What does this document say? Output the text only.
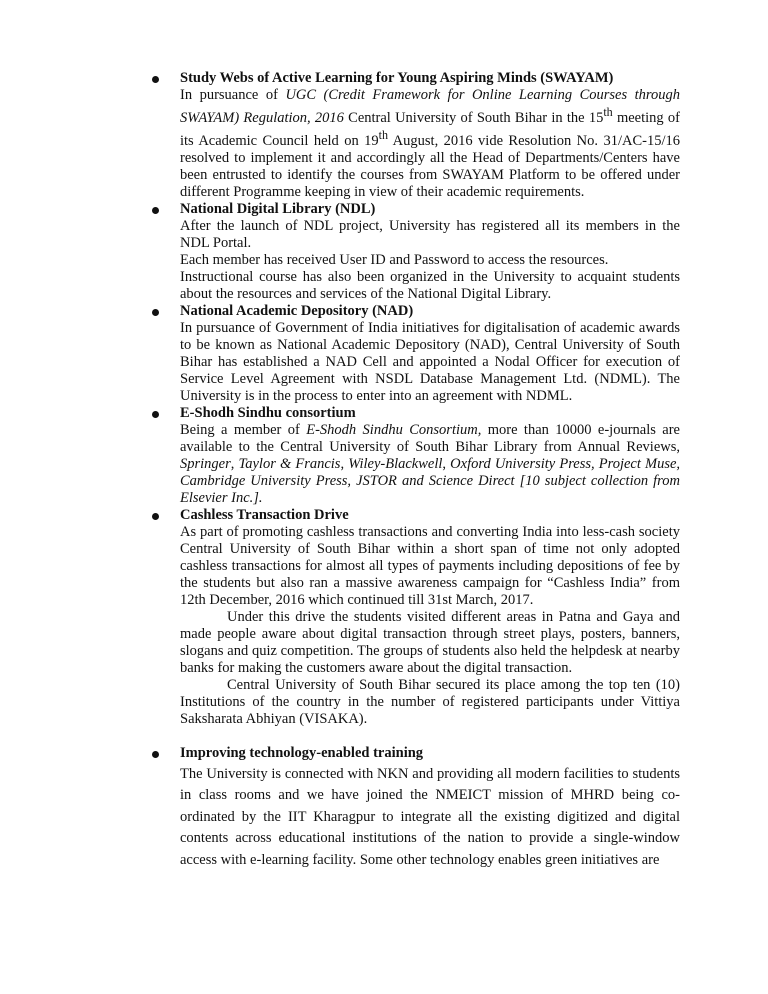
Study Webs of Active Learning for Young Aspiring Minds (SWAYAM)

In pursuance of UGC (Credit Framework for Online Learning Courses through SWAYAM) Regulation, 2016 Central University of South Bihar in the 15th meeting of its Academic Council held on 19th August, 2016 vide Resolution No. 31/AC-15/16 resolved to implement it and accordingly all the Head of Departments/Centers have been entrusted to identify the courses from SWAYAM Platform to be offered under different Programme keeping in view of their academic requirements.

National Digital Library (NDL)

After the launch of NDL project, University has registered all its members in the NDL Portal.

Each member has received User ID and Password to access the resources.

Instructional course has also been organized in the University to acquaint students about the resources and services of the National Digital Library.

National Academic Depository (NAD)

In pursuance of Government of India initiatives for digitalisation of academic awards to be known as National Academic Depository (NAD), Central University of South Bihar has established a NAD Cell and appointed a Nodal Officer for execution of Service Level Agreement with NSDL Database Management Ltd. (NDML). The University is in the process to enter into an agreement with NDML.

E-Shodh Sindhu consortium

Being a member of E-Shodh Sindhu Consortium, more than 10000 e-journals are available to the Central University of South Bihar Library from Annual Reviews, Springer, Taylor & Francis, Wiley-Blackwell, Oxford University Press, Project Muse, Cambridge University Press, JSTOR and Science Direct [10 subject collection from Elsevier Inc.].

Cashless Transaction Drive

As part of promoting cashless transactions and converting India into less-cash society Central University of South Bihar within a short span of time not only adopted cashless transactions for almost all types of payments including depositions of fee by the students but also ran a massive awareness campaign for “Cashless India” from 12th December, 2016 which continued till 31st March, 2017.

Under this drive the students visited different areas in Patna and Gaya and made people aware about digital transaction through street plays, posters, banners, slogans and quiz competition. The groups of students also held the helpdesk at nearby banks for making the customers aware about the digital transaction.

Central University of South Bihar secured its place among the top ten (10) Institutions of the country in the number of registered participants under Vittiya Saksharata Abhiyan (VISAKA).

Improving technology-enabled training

The University is connected with NKN and providing all modern facilities to students in class rooms and we have joined the NMEICT mission of MHRD being co-ordinated by the IIT Kharagpur to integrate all the existing digitized and digital contents across educational institutions of the nation to provide a single-window access with e-learning facility. Some other technology enables green initiatives are
